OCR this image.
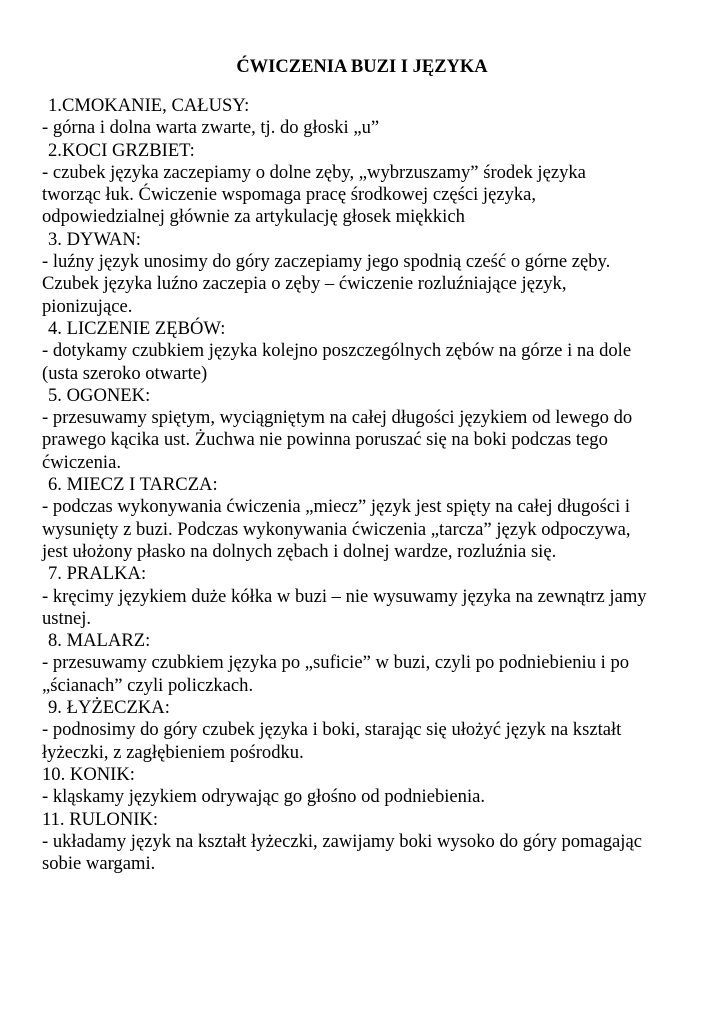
ĆWICZENIA BUZI I JĘZYKA
1.CMOKANIE, CAŁUSY:
- górna i dolna warta zwarte, tj. do głoski „u”
2.KOCI GRZBIET:
- czubek języka zaczepiamy o dolne zęby, „wybrzuszamy” środek języka
tworząc łuk. Ćwiczenie wspomaga pracę środkowej części języka,
odpowiedzialnej głównie za artykulację głosek miękkich
3. DYWAN:
- luźny język unosimy do góry zaczepiamy jego spodnią cześć o górne zęby.
Czubek języka luźno zaczepia o zęby – ćwiczenie rozluźniające język,
pionizujące.
4. LICZENIE ZĘBÓW:
- dotykamy czubkiem języka kolejno poszczególnych zębów na górze i na dole
(usta szeroko otwarte)
5. OGONEK:
- przesuwamy spiętym, wyciągniętym na całej długości językiem od lewego do
prawego kącika ust. Żuchwa nie powinna poruszać się na boki podczas tego
ćwiczenia.
6. MIECZ I TARCZA:
- podczas wykonywania ćwiczenia „miecz” język jest spięty na całej długości i
wysunięty z buzi. Podczas wykonywania ćwiczenia „tarcza” język odpoczywa,
jest ułożony płasko na dolnych zębach i dolnej wardze, rozluźnia się.
7. PRALKA:
- kręcimy językiem duże kółka w buzi – nie wysuwamy języka na zewnątrz jamy
ustnej.
8. MALARZ:
- przesuwamy czubkiem języka po „suficie” w buzi, czyli po podniebieniu i po
„ścianach” czyli policzkach.
9. ŁYŻECZKA:
- podnosimy do góry czubek języka i boki, starając się ułożyć język na kształt
łyżeczki, z zagłębieniem pośrodku.
10. KONIK:
- kląskamy językiem odrywając go głośno od podniebienia.
11. RULONIK:
- układamy język na kształt łyżeczki, zawijamy boki wysoko do góry pomagając
sobie wargami.
